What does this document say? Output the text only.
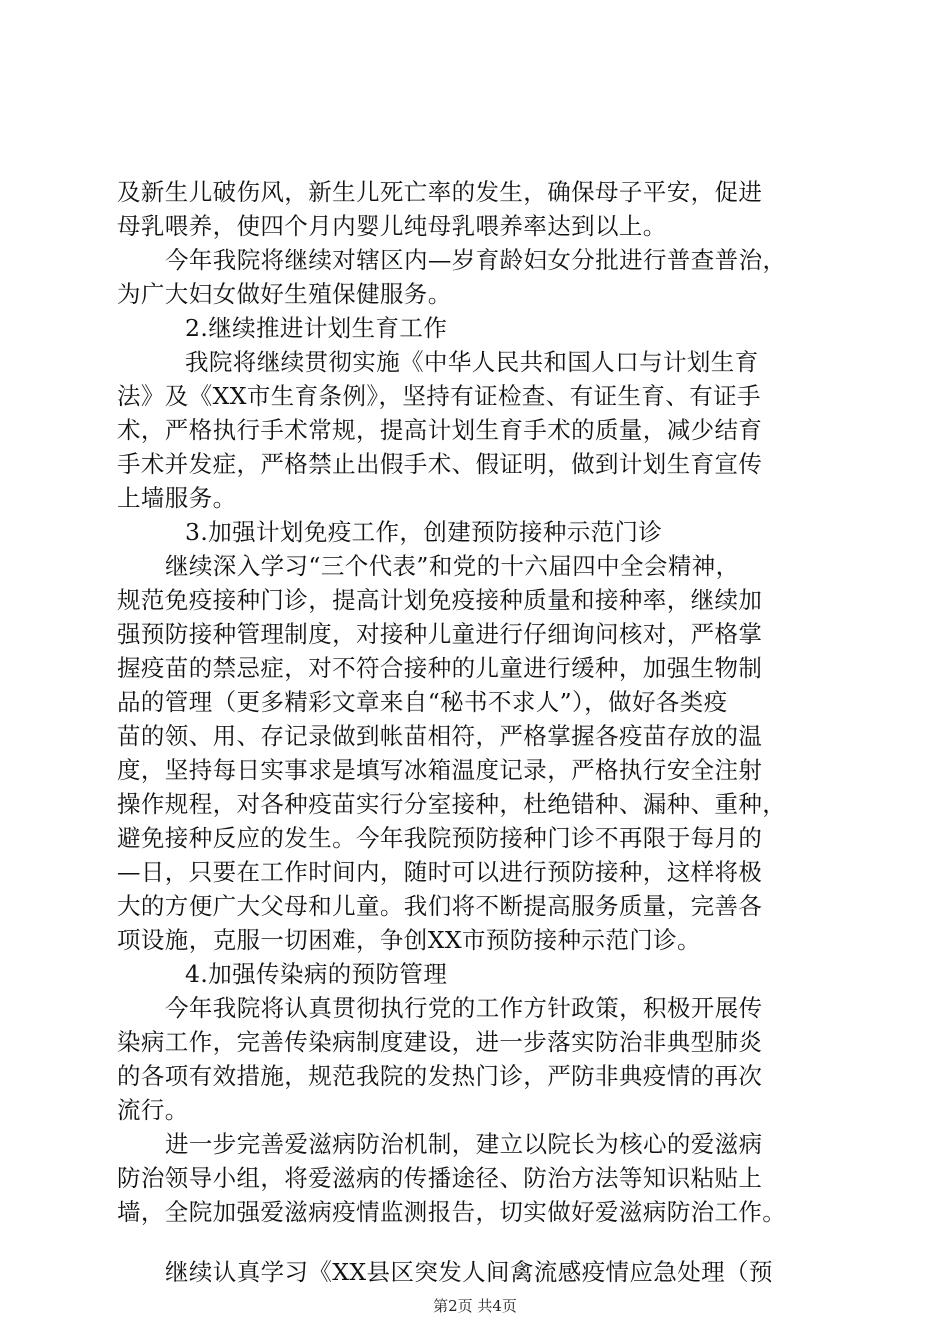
及新生儿破伤风，新生儿死亡率的发生，确保母子平安，促进
母乳喂养，使四个月内婴儿纯母乳喂养率达到以上。
今年我院将继续对辖区内—岁育龄妇女分批进行普查普治，
为广大妇女做好生殖保健服务。
2.继续推进计划生育工作
我院将继续贯彻实施《中华人民共和国人口与计划生育
法》及《XX市生育条例》，坚持有证检查、有证生育、有证手
术，严格执行手术常规，提高计划生育手术的质量，减少结育
手术并发症，严格禁止出假手术、假证明，做到计划生育宣传
上墙服务。
3.加强计划免疫工作，创建预防接种示范门诊
继续深入学习“三个代表”和党的十六届四中全会精神，
规范免疫接种门诊，提高计划免疫接种质量和接种率，继续加
强预防接种管理制度，对接种儿童进行仔细询问核对，严格掌
握疫苗的禁忌症，对不符合接种的儿童进行缓种，加强生物制
品的管理（更多精彩文章来自“秘书不求人”），做好各类疫
苗的领、用、存记录做到帐苗相符，严格掌握各疫苗存放的温
度，坚持每日实事求是填写冰箱温度记录，严格执行安全注射
操作规程，对各种疫苗实行分室接种，杜绝错种、漏种、重种，
避免接种反应的发生。今年我院预防接种门诊不再限于每月的
—日，只要在工作时间内，随时可以进行预防接种，这样将极
大的方便广大父母和儿童。我们将不断提高服务质量，完善各
项设施，克服一切困难，争创XX市预防接种示范门诊。
4.加强传染病的预防管理
今年我院将认真贯彻执行党的工作方针政策，积极开展传
染病工作，完善传染病制度建设，进一步落实防治非典型肺炎
的各项有效措施，规范我院的发热门诊，严防非典疫情的再次
流行。
进一步完善爱滋病防治机制，建立以院长为核心的爱滋病
防治领导小组，将爱滋病的传播途径、防治方法等知识粘贴上
墙，全院加强爱滋病疫情监测报告，切实做好爱滋病防治工作。
继续认真学习《XX县区突发人间禽流感疫情应急处理（预
第2页 共4页
